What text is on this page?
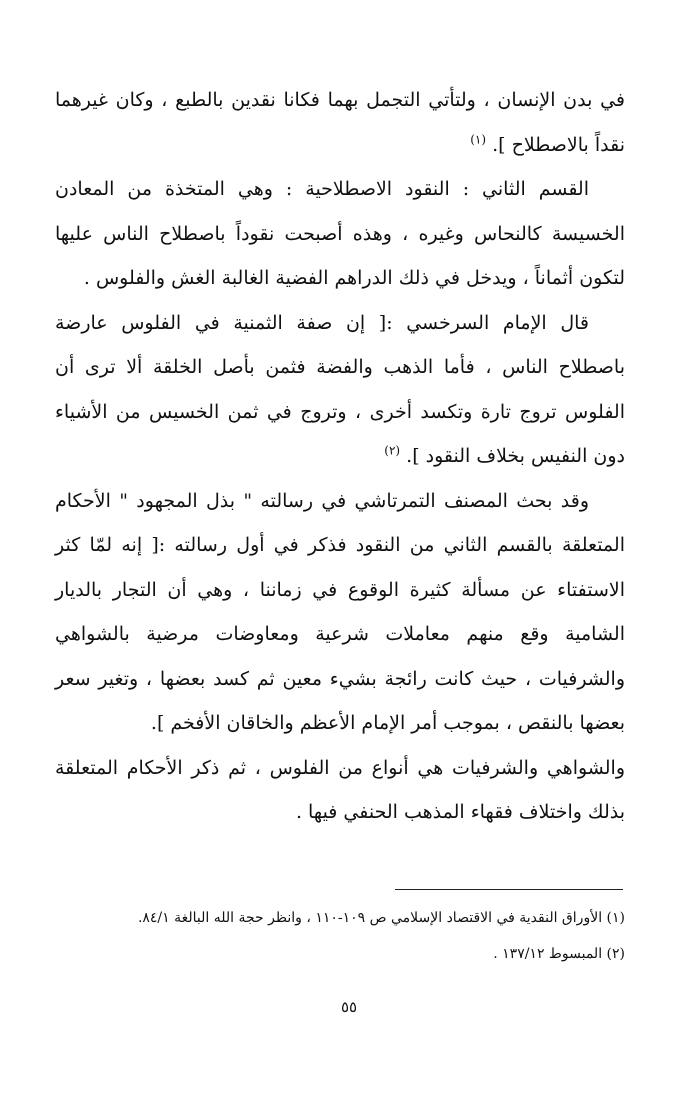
في بدن الإنسان ، ولتأتي التجمل بهما فكانا نقدين بالطبع ، وكان غيرهما نقداً بالاصطلاح ]. $^{(١)}$

القسم الثاني : النقود الاصطلاحية : وهي المتخذة من المعادن الخسيسة كالنحاس وغيره ، وهذه أصبحت نقوداً باصطلاح الناس عليها لتكون أثماناً ، ويدخل في ذلك الدراهم الفضية الغالبة الغش والفلوس .

قال الإمام السرخسي :[ إن صفة الثمنية في الفلوس عارضة باصطلاح الناس ، فأما الذهب والفضة فثمن بأصل الخلقة ألا ترى أن الفلوس تروج تارة وتكسد أخرى ، وتروج في ثمن الخسيس من الأشياء دون النفيس بخلاف النقود ]. $^{(٢)}$

وقد بحث المصنف التمرتاشي في رسالته " بذل المجهود " الأحكام المتعلقة بالقسم الثاني من النقود فذكر في أول رسالته :[ إنه لمّا كثر الاستفتاء عن مسألة كثيرة الوقوع في زماننا ، وهي أن التجار بالديار الشامية وقع منهم معاملات شرعية ومعاوضات مرضية بالشواهي والشرفيات ، حيث كانت رائجة بشيء معين ثم كسد بعضها ، وتغير سعر بعضها بالنقص ، بموجب أمر الإمام الأعظم والخاقان الأفخم ].

والشواهي والشرفيات هي أنواع من الفلوس ، ثم ذكر الأحكام المتعلقة بذلك واختلاف فقهاء المذهب الحنفي فيها .

(١) الأوراق النقدية في الاقتصاد الإسلامي ص ١٠٩-١١٠ ، وانظر حجة الله البالغة ٨٤/١.

(٢) المبسوط ١٣٧/١٢ .

٥٥
